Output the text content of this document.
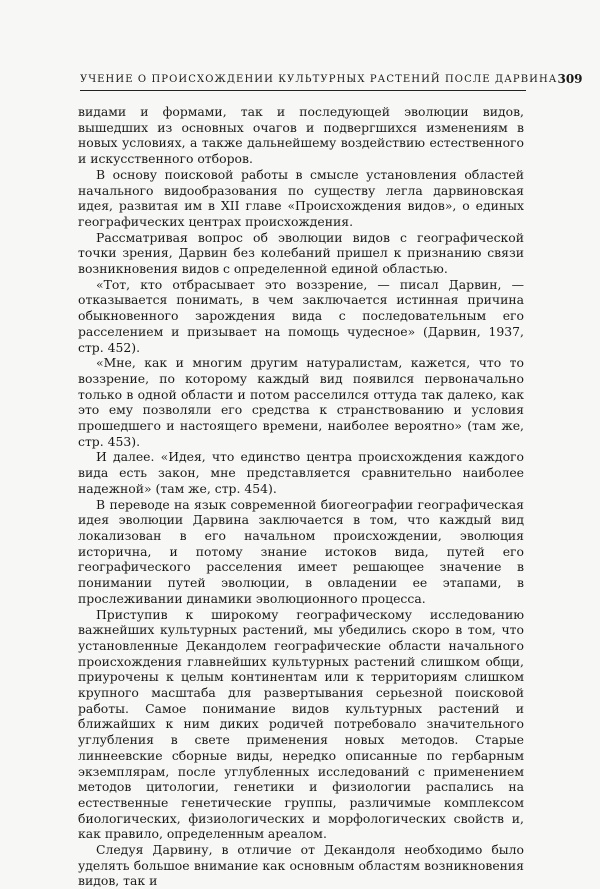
УЧЕНИЕ О ПРОИСХОЖДЕНИИ КУЛЬТУРНЫХ РАСТЕНИЙ ПОСЛЕ ДАРВИНА 309

видами и формами, так и последующей эволюции видов, вышедших из основных очагов и подвергшихся изменениям в новых условиях, а также дальнейшему воздействию естественного и искусственного отборов.

В основу поисковой работы в смысле установления областей начального видообразования по существу легла дарвиновская идея, развитая им в XII главе «Происхождения видов», о единых географических центрах происхождения.

Рассматривая вопрос об эволюции видов с географической точки зрения, Дарвин без колебаний пришел к признанию связи возникновения видов с определенной единой областью.

«Тот, кто отбрасывает это воззрение, — писал Дарвин, — отказывается понимать, в чем заключается истинная причина обыкновенного зарождения вида с последовательным его расселением и призывает на помощь чудесное» (Дарвин, 1937, стр. 452).

«Мне, как и многим другим натуралистам, кажется, что то воззрение, по которому каждый вид появился первоначально только в одной области и потом расселился оттуда так далеко, как это ему позволяли его средства к странствованию и условия прошедшего и настоящего времени, наиболее вероятно» (там же, стр. 453).

И далее. «Идея, что единство центра происхождения каждого вида есть закон, мне представляется сравнительно наиболее надежной» (там же, стр. 454).

В переводе на язык современной биогеографии географическая идея эволюции Дарвина заключается в том, что каждый вид локализован в его начальном происхождении, эволюция исторична, и потому знание истоков вида, путей его географического расселения имеет решающее значение в понимании путей эволюции, в овладении ее этапами, в прослеживании динамики эволюционного процесса.

Приступив к широкому географическому исследованию важнейших культурных растений, мы убедились скоро в том, что установленные Декандолем географические области начального происхождения главнейших культурных растений слишком общи, приурочены к целым континентам или к территориям слишком крупного масштаба для развертывания серьезной поисковой работы. Самое понимание видов культурных растений и ближайших к ним диких родичей потребовало значительного углубления в свете применения новых методов. Старые линнеевские сборные виды, нередко описанные по гербарным экземплярам, после углубленных исследований с применением методов цитологии, генетики и физиологии распались на естественные генетические группы, различимые комплексом биологических, физиологических и морфологических свойств и, как правило, определенным ареалом.

Следуя Дарвину, в отличие от Декандоля необходимо было уделять большое внимание как основным областям возникновения видов, так и
